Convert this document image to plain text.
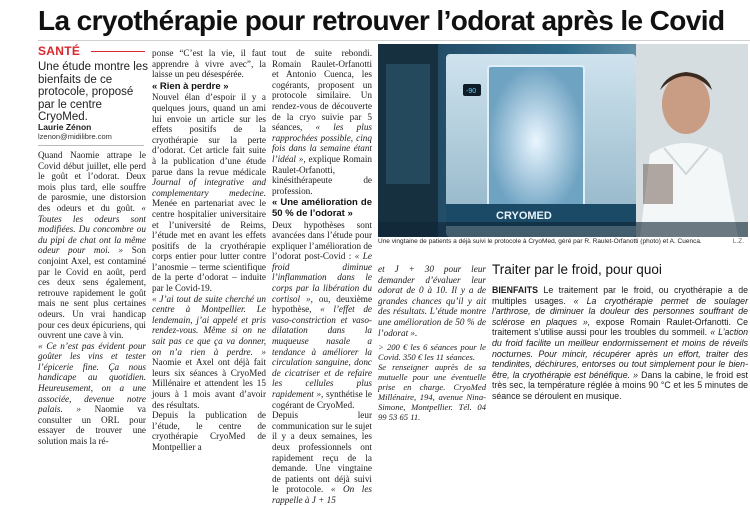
La cryothérapie pour retrouver l’odorat après le Covid
SANTÉ
Une étude montre les bienfaits de ce protocole, proposé par le centre CryoMed.
Laurie Zénon
lzenon@midilibre.com

Quand Naomie attrape le Covid début juillet, elle perd le goût et l’odorat. Deux mois plus tard, elle souffre de parosmie, une distorsion des odeurs et du goût. « Toutes les odeurs sont modifiées. Du concombre ou du pipi de chat ont la même odeur pour moi. » Son conjoint Axel, est contaminé par le Covid en août, perd ces deux sens également, retrouve rapidement le goût mais ne sent plus certaines odeurs. Un vrai handicap pour ces deux épicuriens, qui ouvrent une cave à vin.

« Ce n’est pas évident pour goûter les vins et tester l’épicerie fine. Ça nous handicape au quotidien. Heureusement, on a une associée, devenue notre palais. » Naomie va consulter un ORL pour essayer de trouver une solution mais la ré-

ponse “C’est la vie, il faut apprendre à vivre avec”, la laisse un peu désespérée.

« Rien à perdre »

Nouvel élan d’espoir il y a quelques jours, quand un ami lui envoie un article sur les effets positifs de la cryothérapie sur la perte d’odorat. Cet article fait suite à la publication d’une étude parue dans la revue médicale Journal of integrative and complementary medecine. Menée en partenariat avec le centre hospitalier universitaire et l’université de Reims, l’étude met en avant les effets positifs de la cryothérapie corps entier pour lutter contre l’anosmie – terme scientifique de la perte d’odorat – induite par le Covid-19.

« J’ai tout de suite cherché un centre à Montpellier. Le lendemain, j’ai appelé et pris rendez-vous. Même si on ne sait pas ce que ça va donner, on n’a rien à perdre. » Naomie et Axel ont déjà fait leurs six séances à CryoMed Millénaire et attendent les 15 jours à 1 mois avant d’avoir des résultats.

Depuis la publication de l’étude, le centre de cryothérapie CryoMed de Montpellier a

tout de suite rebondi. Romain Raulet-Orfanotti et Antonio Cuenca, les cogérants, proposent un protocole similaire. Un rendez-vous de découverte de la cryo suivie par 5 séances, « les plus rapprochées possible, cinq fois dans la semaine étant l’idéal », explique Romain Raulet-Orfanotti, kinésithérapeute de profession.

« Une amélioration de 50 % de l’odorat »

Deux hypothèses sont avancées dans l’étude pour expliquer l’amélioration de l’odorat post-Covid : « Le froid diminue l’inflammation dans le corps par la libération du cortisol », ou, deuxième hypothèse, « l’effet de vaso-constriction et vaso-dilatation dans la muqueuse nasale a tendance à améliorer la circulation sanguine, donc de cicatriser et de refaire les cellules plus rapidement », synthétise le cogérant de CryoMed.

Depuis leur communication sur le sujet il y a deux semaines, les deux professionnels ont rapidement reçu de la demande. Une vingtaine de patients ont déjà suivi le protocole. « On les rappelle à J + 15

-90
CRYOMED
Une vingtaine de patients a déjà suivi le protocole à CryoMed, géré par R. Raulet-Orfanotti (photo) et A. Cuenca.	L.Z.

et J + 30 pour leur demander d’évaluer leur odorat de 0 à 10. Il y a de grandes chances qu’il y ait des résultats. L’étude montre une amélioration de 50 % de l’odorat ».

> 200 € les 6 séances pour le Covid. 350 € les 11 séances.

Se renseigner auprès de sa mutuelle pour une éventuelle prise en charge. CryoMed Millénaire, 194, avenue Nina-Simone, Montpellier. Tél. 04 99 53 65 11.

Traiter par le froid, pour quoi
BIENFAITS Le traitement par le froid, ou cryothérapie a de multiples usages. « La cryothérapie permet de soulager l’arthrose, de diminuer la douleur des personnes souffrant de sclérose en plaques », expose Romain Raulet-Orfanotti. Ce traitement s’utilise aussi pour les troubles du sommeil. « L’action du froid facilite un meilleur endormissement et moins de réveils nocturnes. Pour mincir, récupérer après un effort, traiter des tendinites, déchirures, entorses ou tout simplement pour le bien-être, la cryothérapie est bénéfique. » Dans la cabine, le froid est très sec, la température réglée à moins 90 °C et les 5 minutes de séance se déroulent en musique.
